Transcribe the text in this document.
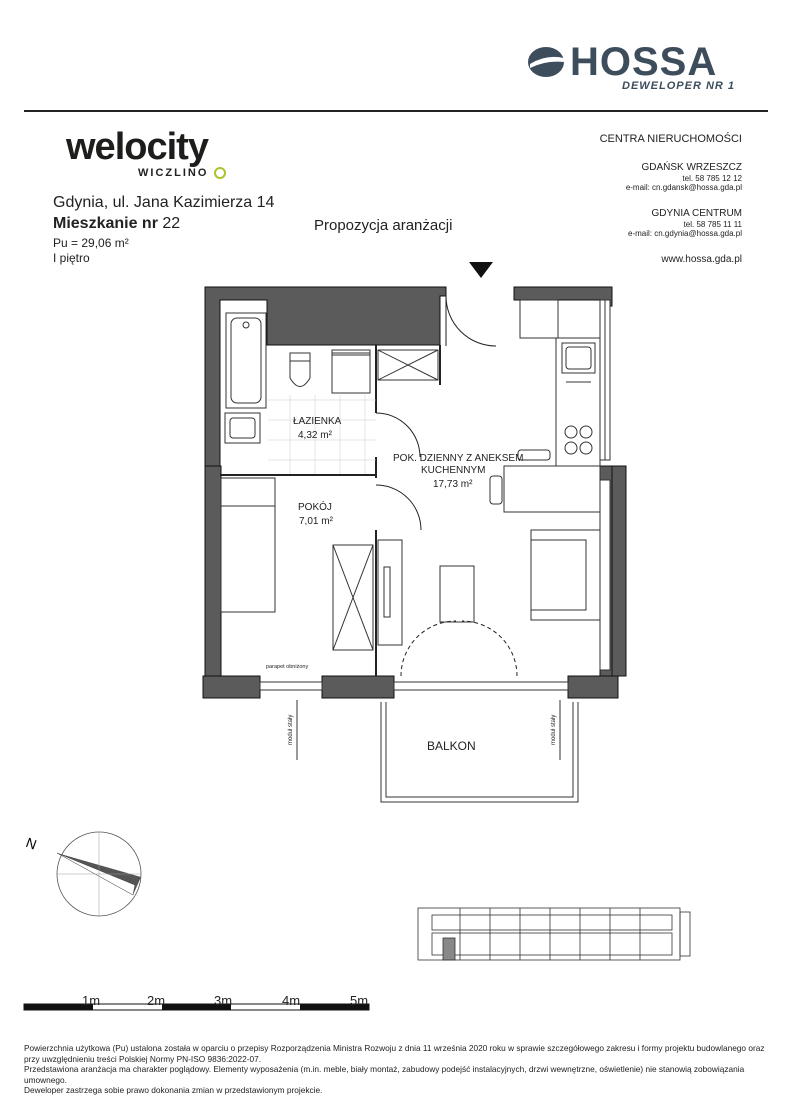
HOSSA
DEWELOPER NR 1
welocity
WICZLINO
Gdynia, ul. Jana Kazimierza 14
Mieszkanie nr 22
Pu = 29,06 m²
I piętro
Propozycja aranżacji
CENTRA NIERUCHOMOŚCI
GDAŃSK WRZESZCZ
tel. 58 785 12 12
e-mail: cn.gdansk@hossa.gda.pl
GDYNIA CENTRUM
tel. 58 785 11 11
e-mail: cn.gdynia@hossa.gda.pl
www.hossa.gda.pl
ŁAZIENKA
4,32 m²
POK. DZIENNY Z ANEKSEM
KUCHENNYM
17,73 m²
POKÓJ
7,01 m²
BALKON
parapet obniżony
moduł stały	moduł stały
N
1m	2m	3m	4m	5m
Powierzchnia użytkowa (Pu) ustalona została w oparciu o przepisy Rozporządzenia Ministra Rozwoju z dnia 11 września 2020 roku w sprawie szczegółowego zakresu i formy projektu budowlanego oraz przy uwzględnieniu treści Polskiej Normy PN-ISO 9836:2022-07.
Przedstawiona aranżacja ma charakter poglądowy. Elementy wyposażenia (m.in. meble, biały montaż, zabudowy podejść instalacyjnych, drzwi wewnętrzne, oświetlenie) nie stanowią zobowiązania umownego.
Deweloper zastrzega sobie prawo dokonania zmian w przedstawionym projekcie.
